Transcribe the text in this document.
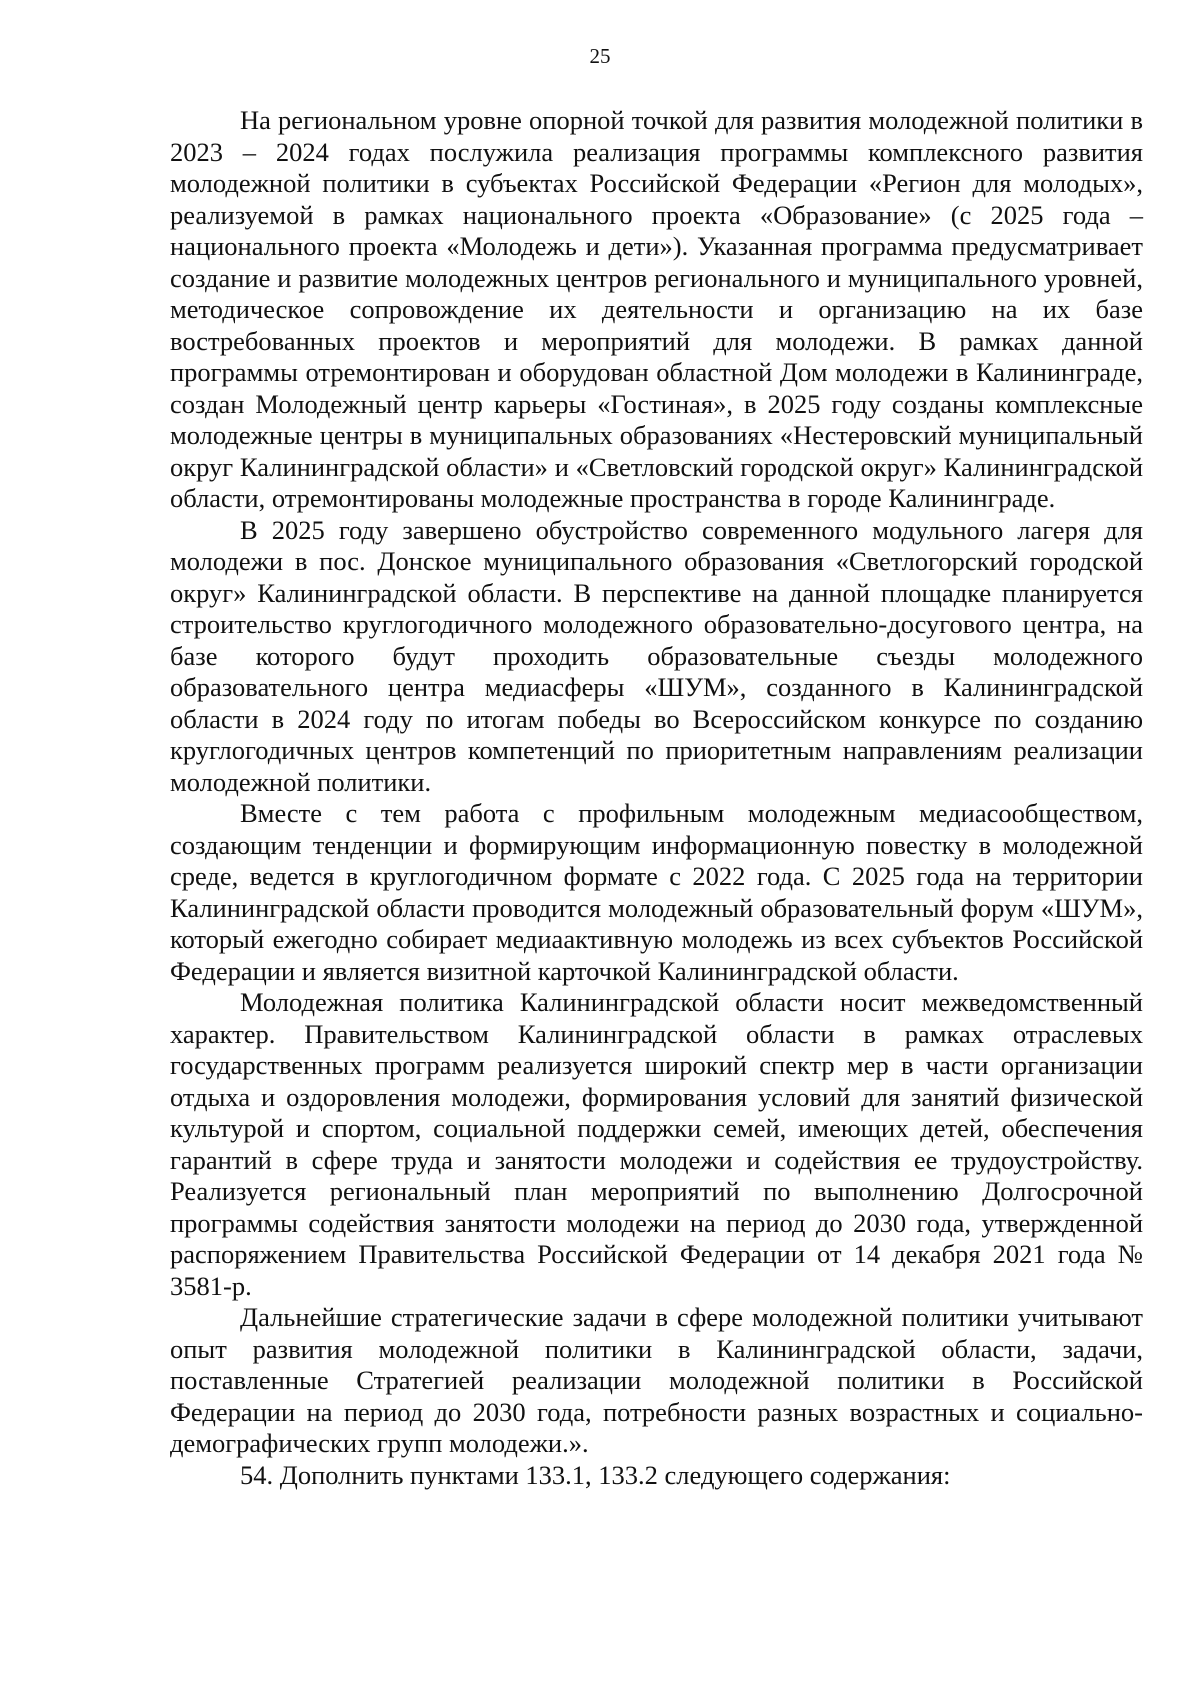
25

На региональном уровне опорной точкой для развития молодежной политики в 2023 – 2024 годах послужила реализация программы комплексного развития молодежной политики в субъектах Российской Федерации «Регион для молодых», реализуемой в рамках национального проекта «Образование» (с 2025 года – национального проекта «Молодежь и дети»). Указанная программа предусматривает создание и развитие молодежных центров регионального и муниципального уровней, методическое сопровождение их деятельности и организацию на их базе востребованных проектов и мероприятий для молодежи. В рамках данной программы отремонтирован и оборудован областной Дом молодежи в Калининграде, создан Молодежный центр карьеры «Гостиная», в 2025 году созданы комплексные молодежные центры в муниципальных образованиях «Нестеровский муниципальный округ Калининградской области» и «Светловский городской округ» Калининградской области, отремонтированы молодежные пространства в городе Калининграде.

В 2025 году завершено обустройство современного модульного лагеря для молодежи в пос. Донское муниципального образования «Светлогорский городской округ» Калининградской области. В перспективе на данной площадке планируется строительство круглогодичного молодежного образовательно-досугового центра, на базе которого будут проходить образовательные съезды молодежного образовательного центра медиасферы «ШУМ», созданного в Калининградской области в 2024 году по итогам победы во Всероссийском конкурсе по созданию круглогодичных центров компетенций по приоритетным направлениям реализации молодежной политики.

Вместе с тем работа с профильным молодежным медиасообществом, создающим тенденции и формирующим информационную повестку в молодежной среде, ведется в круглогодичном формате с 2022 года. С 2025 года на территории Калининградской области проводится молодежный образовательный форум «ШУМ», который ежегодно собирает медиаактивную молодежь из всех субъектов Российской Федерации и является визитной карточкой Калининградской области.

Молодежная политика Калининградской области носит межведомственный характер. Правительством Калининградской области в рамках отраслевых государственных программ реализуется широкий спектр мер в части организации отдыха и оздоровления молодежи, формирования условий для занятий физической культурой и спортом, социальной поддержки семей, имеющих детей, обеспечения гарантий в сфере труда и занятости молодежи и содействия ее трудоустройству. Реализуется региональный план мероприятий по выполнению Долгосрочной программы содействия занятости молодежи на период до 2030 года, утвержденной распоряжением Правительства Российской Федерации от 14 декабря 2021 года № 3581-р.

Дальнейшие стратегические задачи в сфере молодежной политики учитывают опыт развития молодежной политики в Калининградской области, задачи, поставленные Стратегией реализации молодежной политики в Российской Федерации на период до 2030 года, потребности разных возрастных и социально-демографических групп молодежи.».

54. Дополнить пунктами 133.1, 133.2 следующего содержания:
